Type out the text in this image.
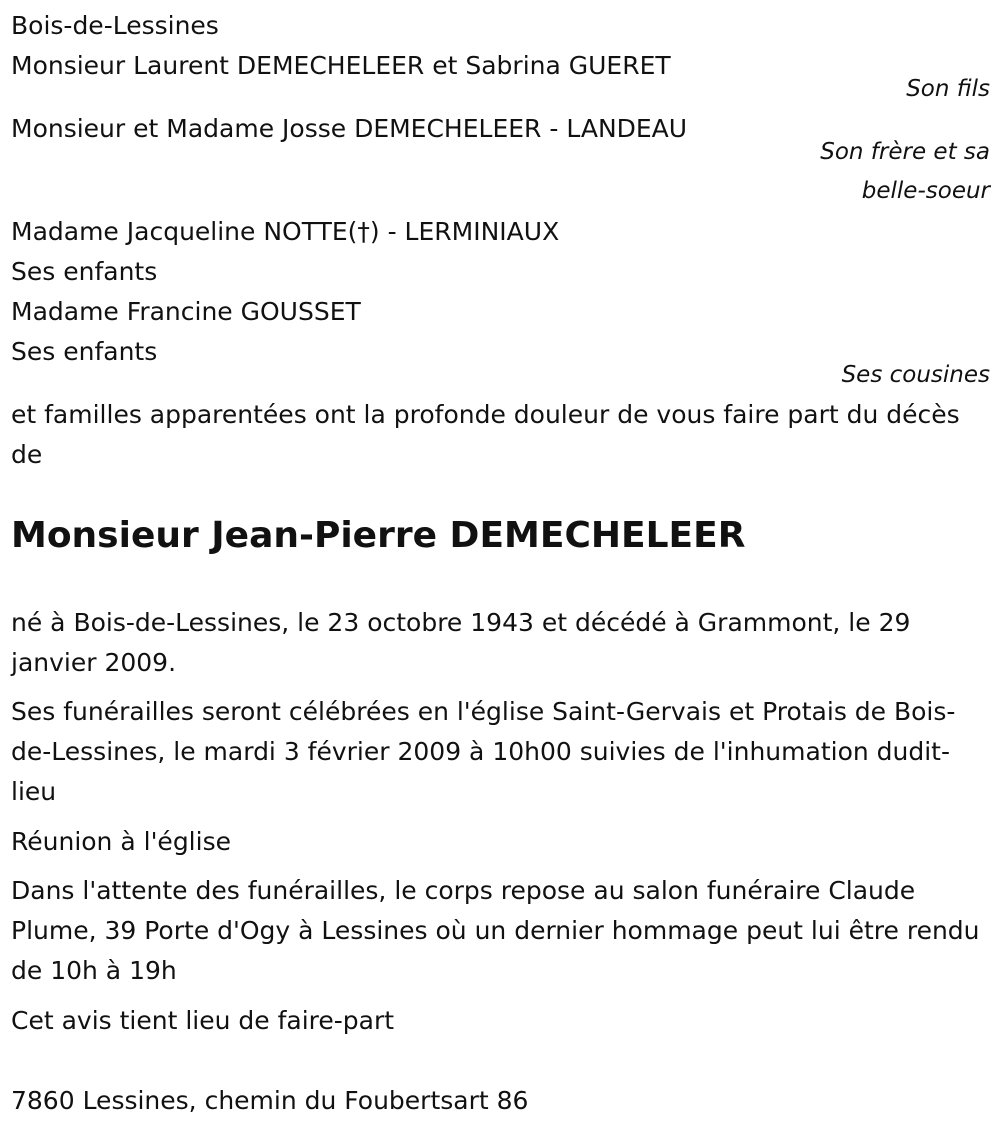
Bois-de-Lessines
Monsieur Laurent DEMECHELEER et Sabrina GUERET
Son fils
Monsieur et Madame Josse DEMECHELEER - LANDEAU
Son frère et sa
belle-soeur
Madame Jacqueline NOTTE(†) - LERMINIAUX
Ses enfants
Madame Francine GOUSSET
Ses enfants
Ses cousines
et familles apparentées ont la profonde douleur de vous faire part du décès de
Monsieur Jean-Pierre DEMECHELEER
né à Bois-de-Lessines, le 23 octobre 1943 et décédé à Grammont, le 29 janvier 2009.
Ses funérailles seront célébrées en l'église Saint-Gervais et Protais de Bois-de-Lessines, le mardi 3 février 2009 à 10h00 suivies de l'inhumation dudit-lieu
Réunion à l'église
Dans l'attente des funérailles, le corps repose au salon funéraire Claude Plume, 39 Porte d'Ogy à Lessines où un dernier hommage peut lui être rendu de 10h à 19h
Cet avis tient lieu de faire-part
7860 Lessines, chemin du Foubertsart 86
